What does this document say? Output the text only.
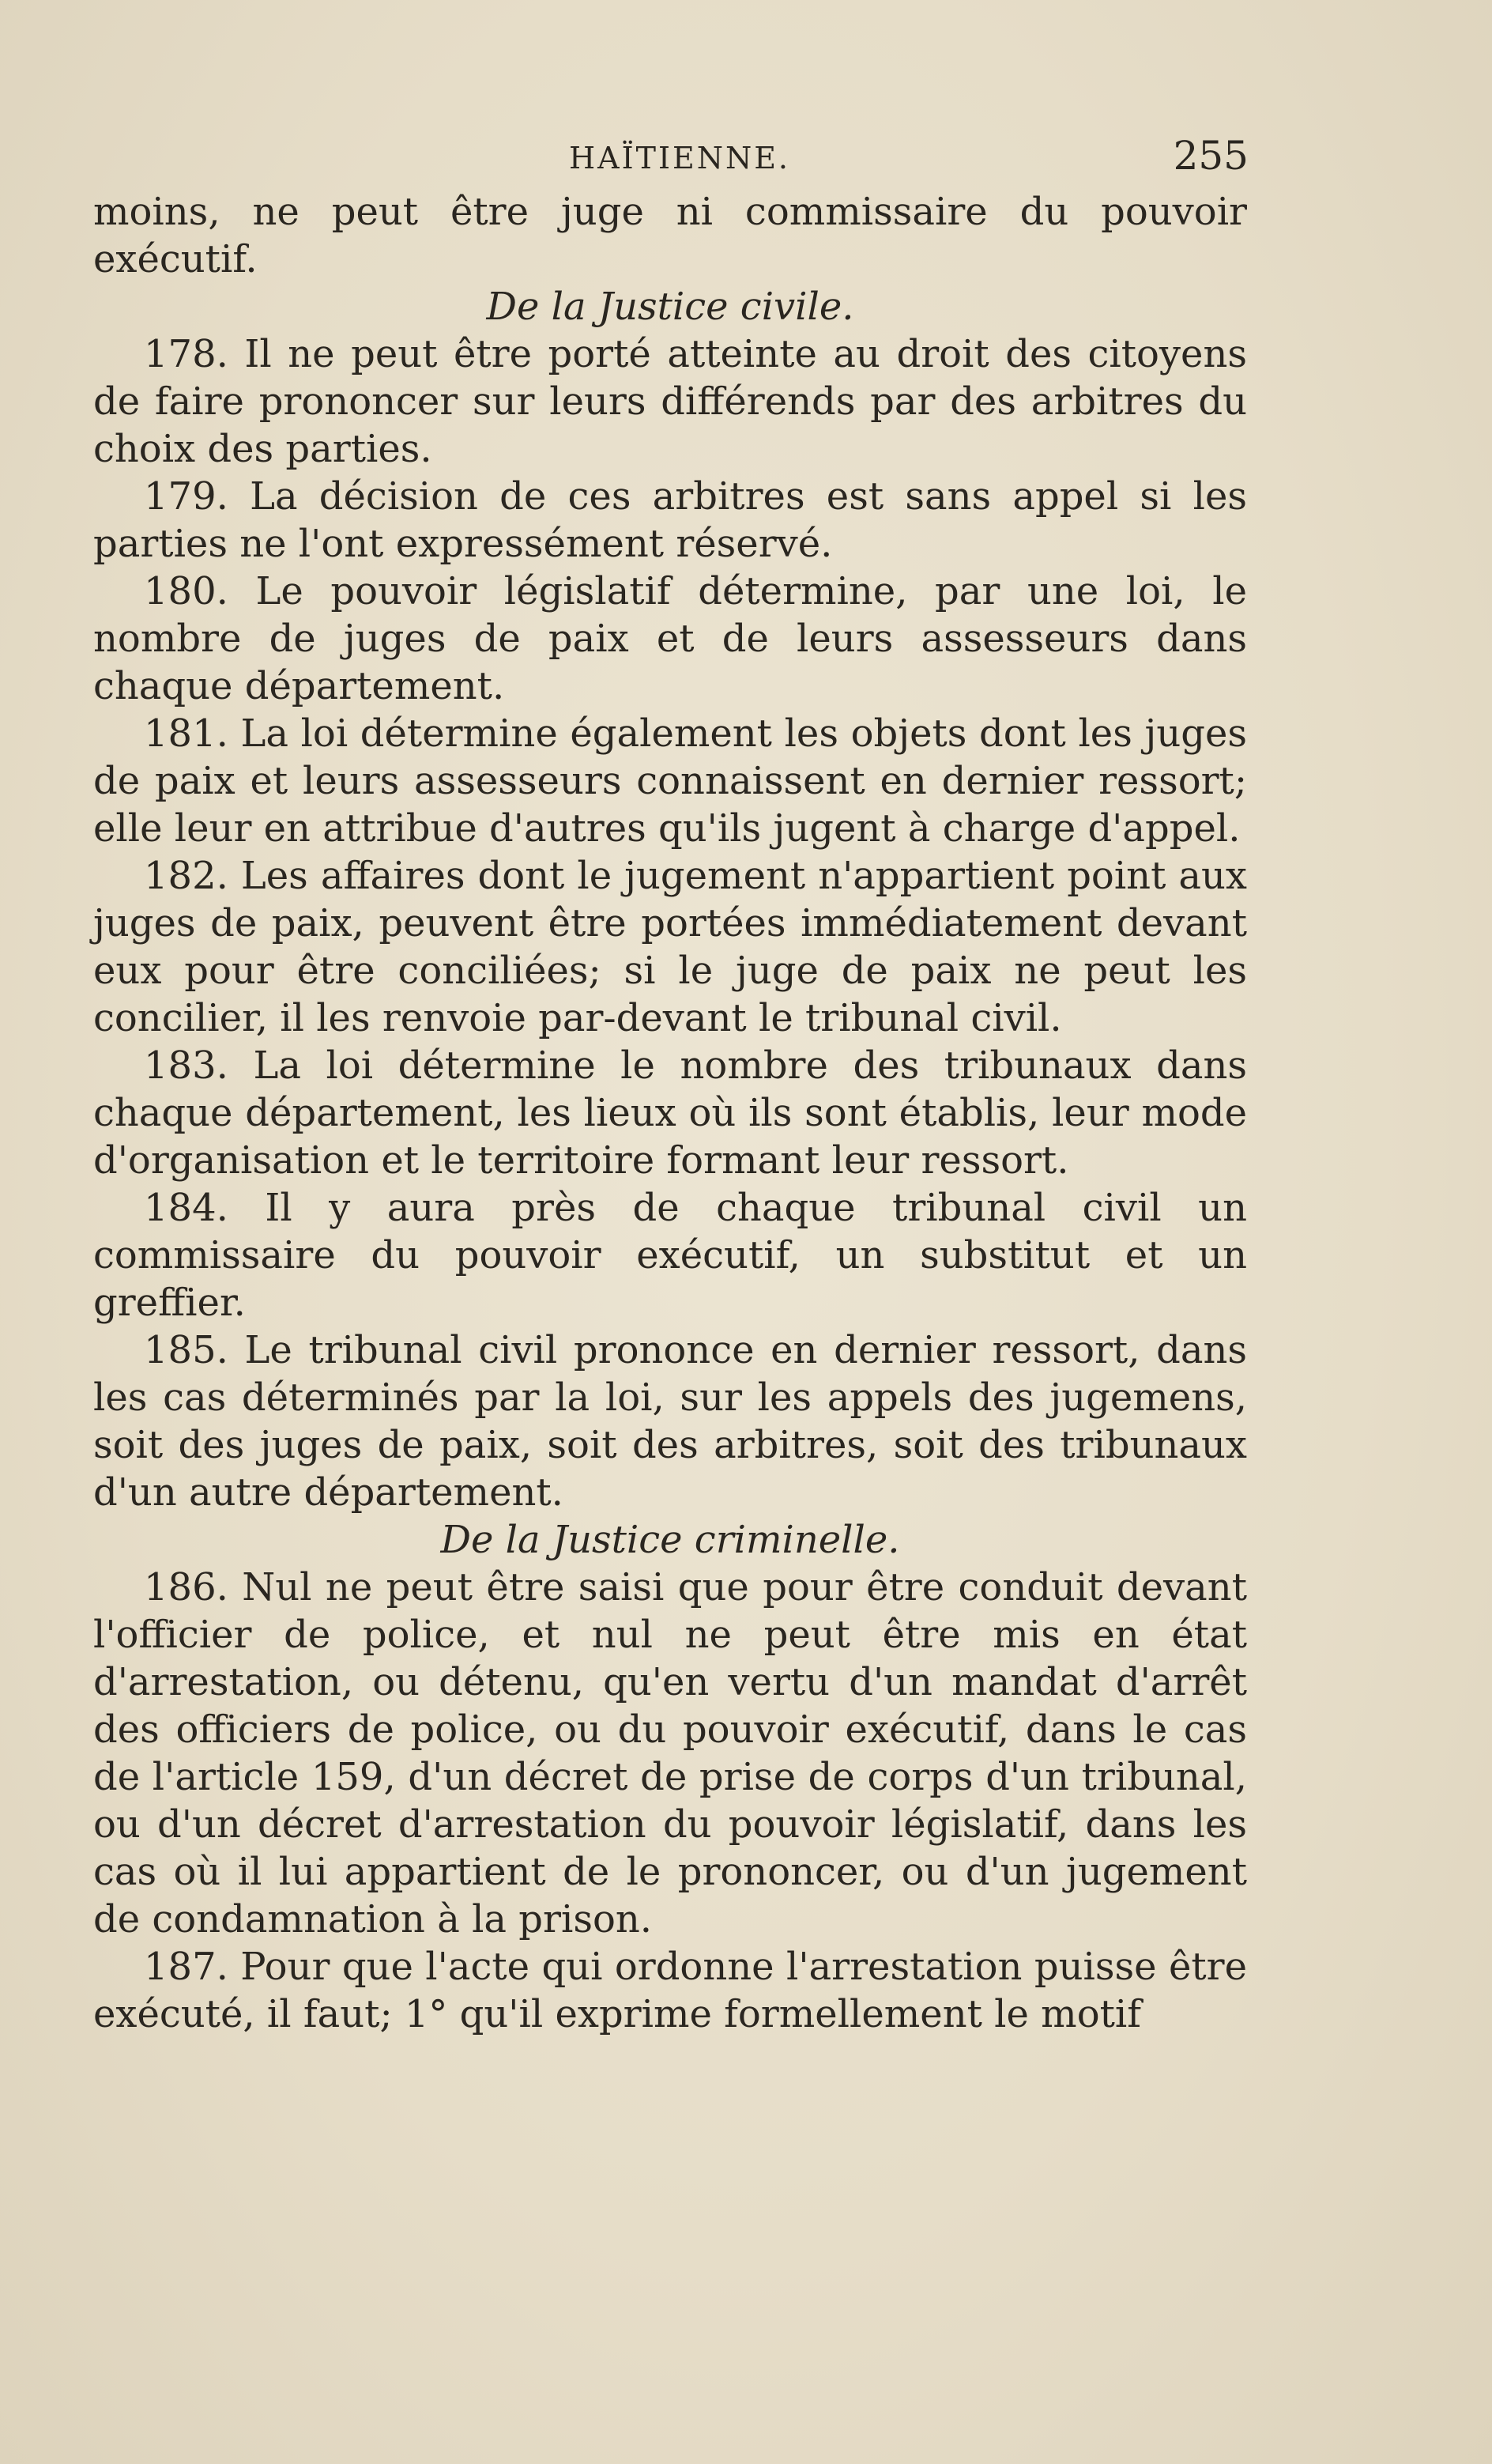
HAÏTIENNE.	255

moins, ne peut être juge ni commissaire du pouvoir exécutif.

De la Justice civile.

178. Il ne peut être porté atteinte au droit des citoyens de faire prononcer sur leurs différends par des arbitres du choix des parties.

179. La décision de ces arbitres est sans appel si les parties ne l'ont expressément réservé.

180. Le pouvoir législatif détermine, par une loi, le nombre de juges de paix et de leurs assesseurs dans chaque département.

181. La loi détermine également les objets dont les juges de paix et leurs assesseurs connaissent en dernier ressort; elle leur en attribue d'autres qu'ils jugent à charge d'appel.

182. Les affaires dont le jugement n'appartient point aux juges de paix, peuvent être portées immédiatement devant eux pour être conciliées; si le juge de paix ne peut les concilier, il les renvoie par-devant le tribunal civil.

183. La loi détermine le nombre des tribunaux dans chaque département, les lieux où ils sont établis, leur mode d'organisation et le territoire formant leur ressort.

184. Il y aura près de chaque tribunal civil un commissaire du pouvoir exécutif, un substitut et un greffier.

185. Le tribunal civil prononce en dernier ressort, dans les cas déterminés par la loi, sur les appels des jugemens, soit des juges de paix, soit des arbitres, soit des tribunaux d'un autre département.

De la Justice criminelle.

186. Nul ne peut être saisi que pour être conduit devant l'officier de police, et nul ne peut être mis en état d'arrestation, ou détenu, qu'en vertu d'un mandat d'arrêt des officiers de police, ou du pouvoir exécutif, dans le cas de l'article 159, d'un décret de prise de corps d'un tribunal, ou d'un décret d'arrestation du pouvoir législatif, dans les cas où il lui appartient de le prononcer, ou d'un jugement de condamnation à la prison.

187. Pour que l'acte qui ordonne l'arrestation puisse être exécuté, il faut; 1° qu'il exprime formellement le motif
